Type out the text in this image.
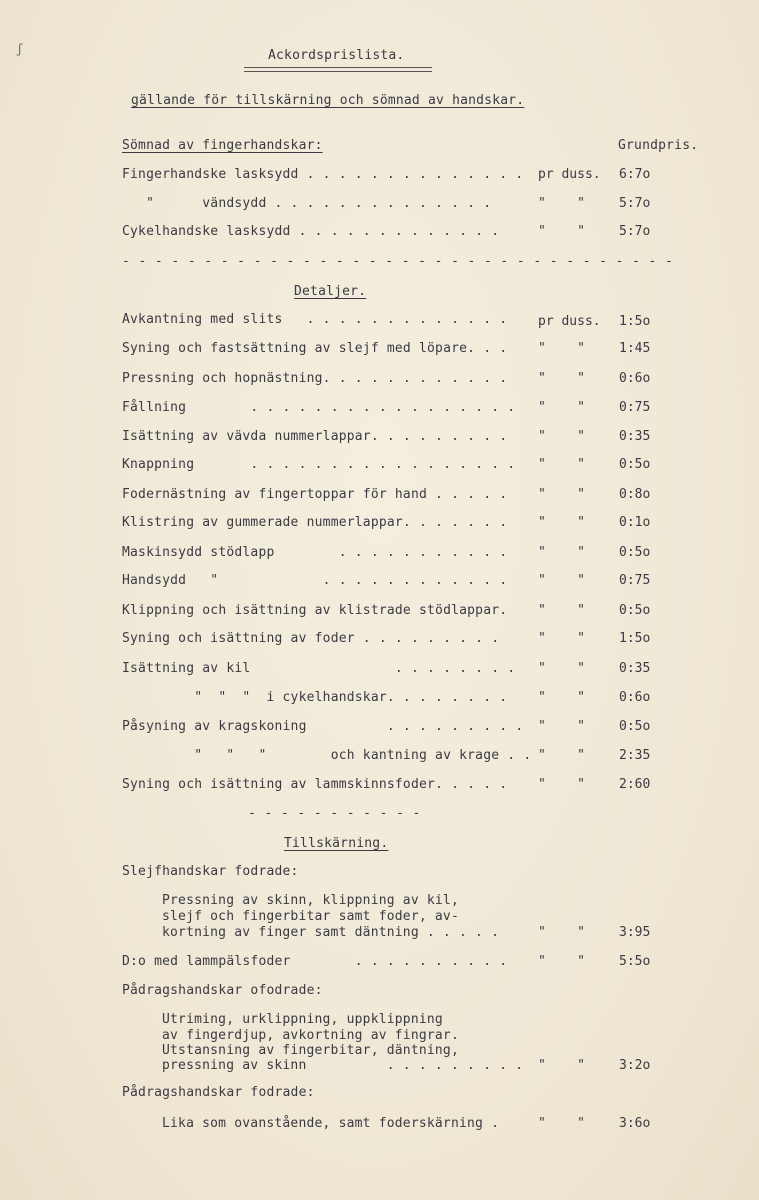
ʃ	Ackordsprislista.
gällande för tillskärning och sömnad av handskar.
Sömnad av fingerhandskar:	Grundpris.
Fingerhandske lasksydd . . . . . . . . . . . . . . pr duss. 6:7o
"      vändsydd . . . . . . . . . . . . . .	"    "	5:7o
Cykelhandske lasksydd . . . . . . . . . . . . .	"    "	5:7o
- - - - - - - - - - - - - - - - - - - - - - - - - - - - - - - - - -
Detaljer.
Avkantning med slits   . . . . . . . . . . . . . pr duss. 1:5o
Syning och fastsättning av slejf med löpare. . . "    "	1:45
Pressning och hopnästning. . . . . . . . . . . . "    "	0:6o
Fållning        . . . . . . . . . . . . . . . . . "    "	0:75
Isättning av vävda nummerlappar. . . . . . . . . "    "	0:35
Knappning       . . . . . . . . . . . . . . . . . "    "	0:5o
Fodernästning av fingertoppar för hand . . . . . "    "	0:8o
Klistring av gummerade nummerlappar. . . . . . . "    "	0:1o
Maskinsydd stödlapp        . . . . . . . . . . . "    "	0:5o
Handsydd   "             . . . . . . . . . . . . "    "	0:75
Klippning och isättning av klistrade stödlappar. "    "	0:5o
Syning och isättning av foder . . . . . . . . .	"    "	1:5o
Isättning av kil                  . . . . . . . . "    "	0:35
"  "  "  i cykelhandskar. . . . . . . . "    "	0:6o
Påsyning av kragskoning          . . . . . . . . . "    "	0:5o
"   "   "        och kantning av krage . . "    "	2:35
Syning och isättning av lammskinnsfoder. . . . . "    "	2:60
- - - - - - - - - - -
Tillskärning.
Slejfhandskar fodrade:
Pressning av skinn, klippning av kil,
slejf och fingerbitar samt foder, av-
kortning av finger samt däntning . . . . .	"    "	3:95
D:o med lammpälsfoder        . . . . . . . . . . "    "	5:5o
Pådragshandskar ofodrade:
Utriming, urklippning, uppklippning
av fingerdjup, avkortning av fingrar.
Utstansning av fingerbitar, däntning,
pressning av skinn          . . . . . . . . . "    "	3:2o
Pådragshandskar fodrade:
Lika som ovanstående, samt foderskärning .	"    "	3:6o
